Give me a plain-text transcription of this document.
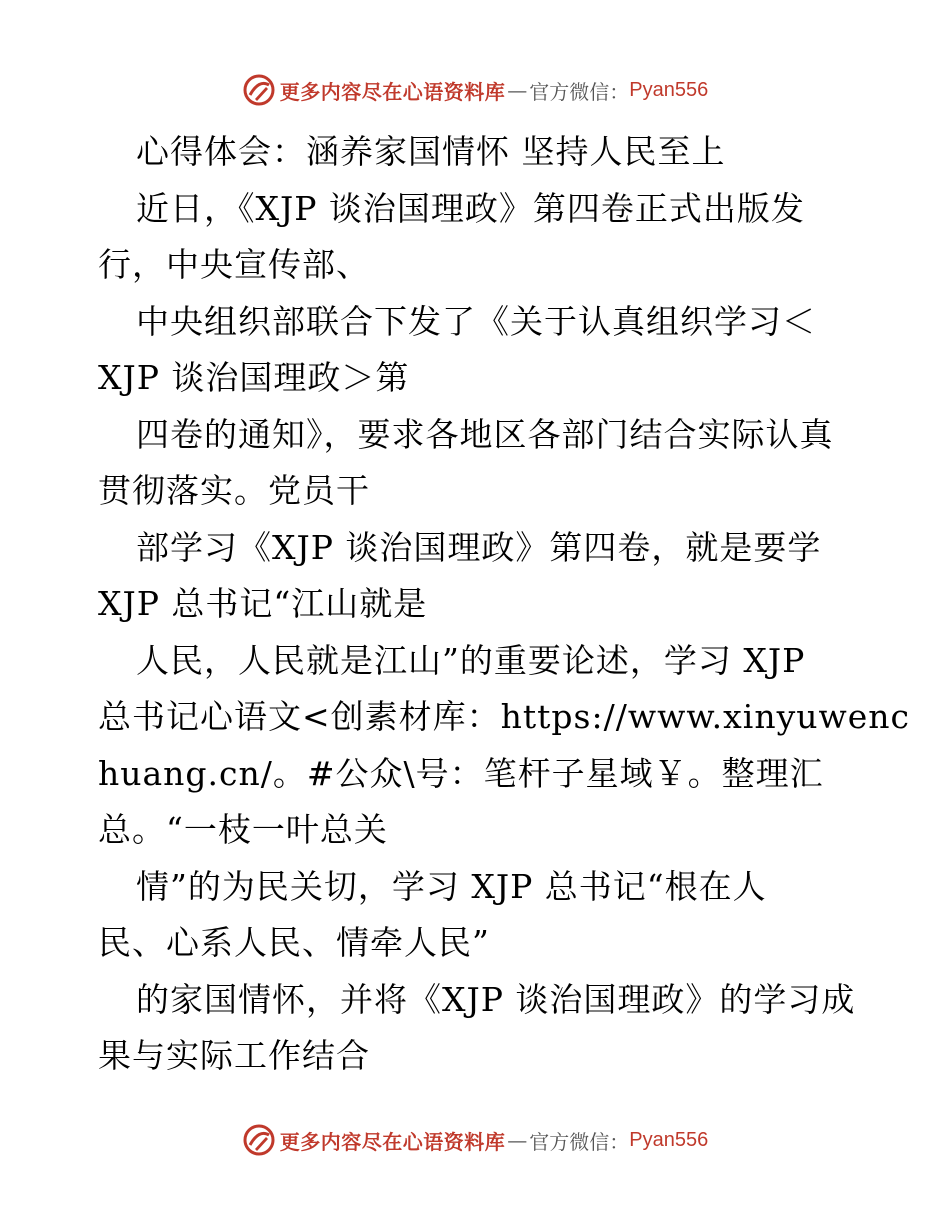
更多内容尽在心语资料库 — 官方微信： Pyan556
心得体会：涵养家国情怀 坚持人民至上
近日，《XJP 谈治国理政》第四卷正式出版发
行，中央宣传部、
中央组织部联合下发了《关于认真组织学习＜
XJP 谈治国理政＞第
四卷的通知》，要求各地区各部门结合实际认真
贯彻落实。党员干
部学习《XJP 谈治国理政》第四卷，就是要学
XJP 总书记“江山就是
人民，人民就是江山”的重要论述，学习 XJP
总书记心语文<创素材库：https://www.xinyuwenc
huang.cn/。#公众\号：笔杆子星域￥。整理汇
总。“一枝一叶总关
情”的为民关切，学习 XJP 总书记“根在人
民、心系人民、情牵人民”
的家国情怀，并将《XJP 谈治国理政》的学习成
果与实际工作结合
更多内容尽在心语资料库 — 官方微信： Pyan556
